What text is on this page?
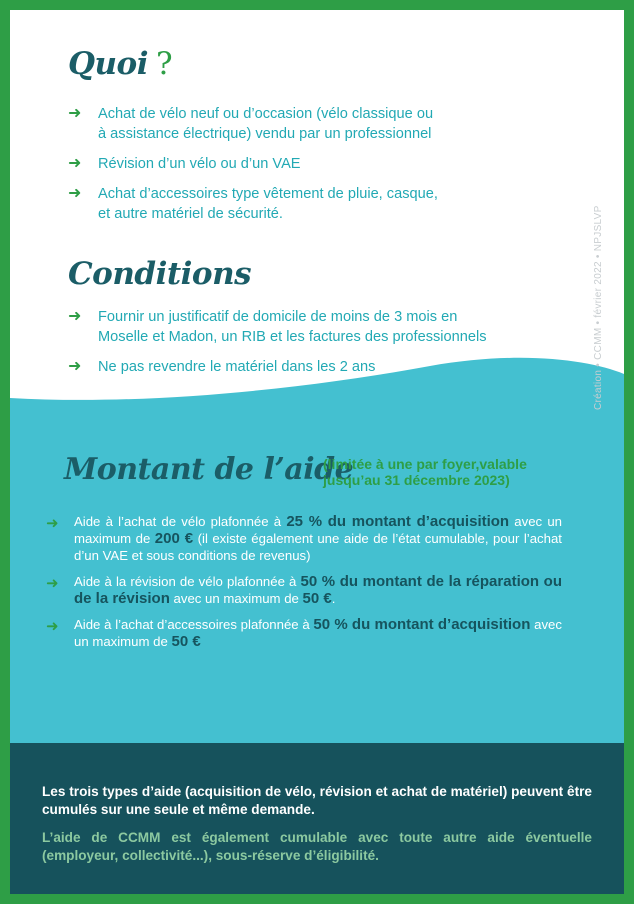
Quoi ?
➜ Achat de vélo neuf ou d’occasion (vélo classique ou
à assistance électrique) vendu par un professionnel
➜ Révision d’un vélo ou d’un VAE
➜ Achat d’accessoires type vêtement de pluie, casque,
et autre matériel de sécurité.
Conditions
➜ Fournir un justificatif de domicile de moins de 3 mois en
Moselle et Madon, un RIB et les factures des professionnels
➜ Ne pas revendre le matériel dans les 2 ans
Montant de l’aide

(limitée à une par foyer,valable
jusqu’au 31 décembre 2023)

➜ Aide à l’achat de vélo plafonnée à 25 % du montant d’acquisition avec un maximum de 200 € (il existe également une aide de l’état cumulable, pour l’achat d’un VAE et sous conditions de revenus)
➜ Aide à la révision de vélo plafonnée à 50 % du montant de la réparation ou de la révision avec un maximum de 50 €.
➜ Aide à l’achat d’accessoires plafonnée à 50 % du montant d’acquisition avec un maximum de 50 €

Les trois types d’aide (acquisition de vélo, révision et achat de matériel) peuvent être cumulés sur une seule et même demande.

L’aide de CCMM est également cumulable avec toute autre aide éventuelle (employeur, collectivité...), sous-réserve d’éligibilité.

Création • CCMM • février 2022 • NPJSLVP
